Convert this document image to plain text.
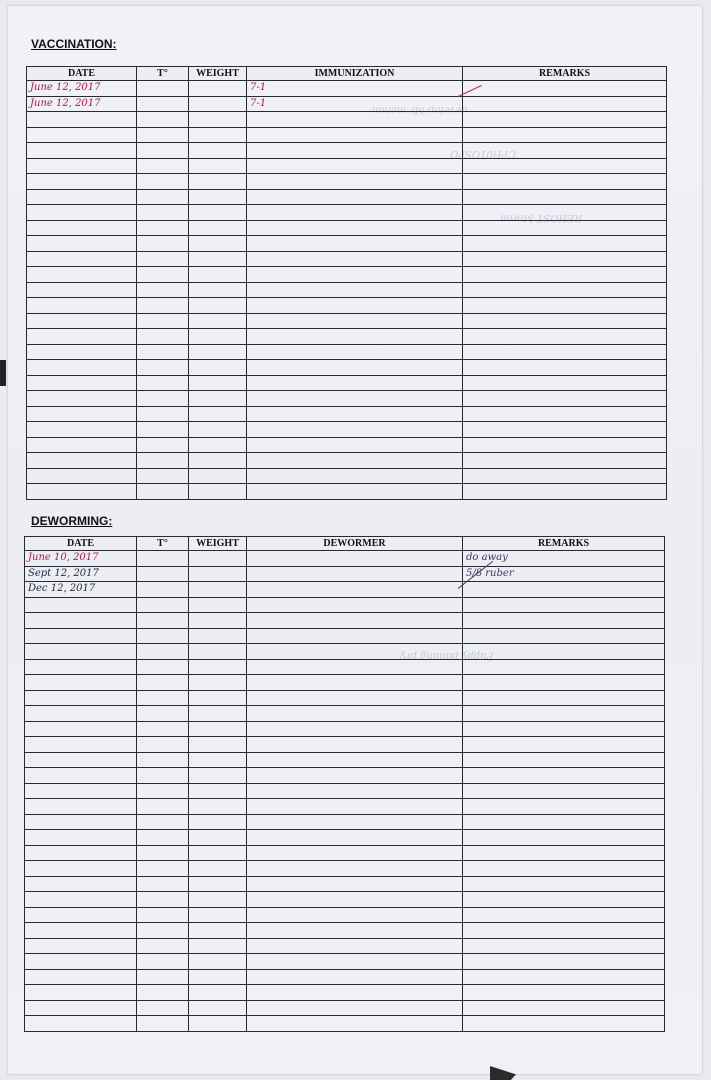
develop Mr monon
CPH01OSPO
REHOST Moron
Puppy pinning pry
VACCINATION:
DATE	T°	WEIGHT	IMMUNIZATION	REMARKS
June 12, 2017			7-1	
June 12, 2017			7-1	

DEWORMING:
DATE	T°	WEIGHT	DEWORMER	REMARKS
June 10, 2017				do away
Sept 12, 2017				5/8 ruber
Dec 12, 2017				
